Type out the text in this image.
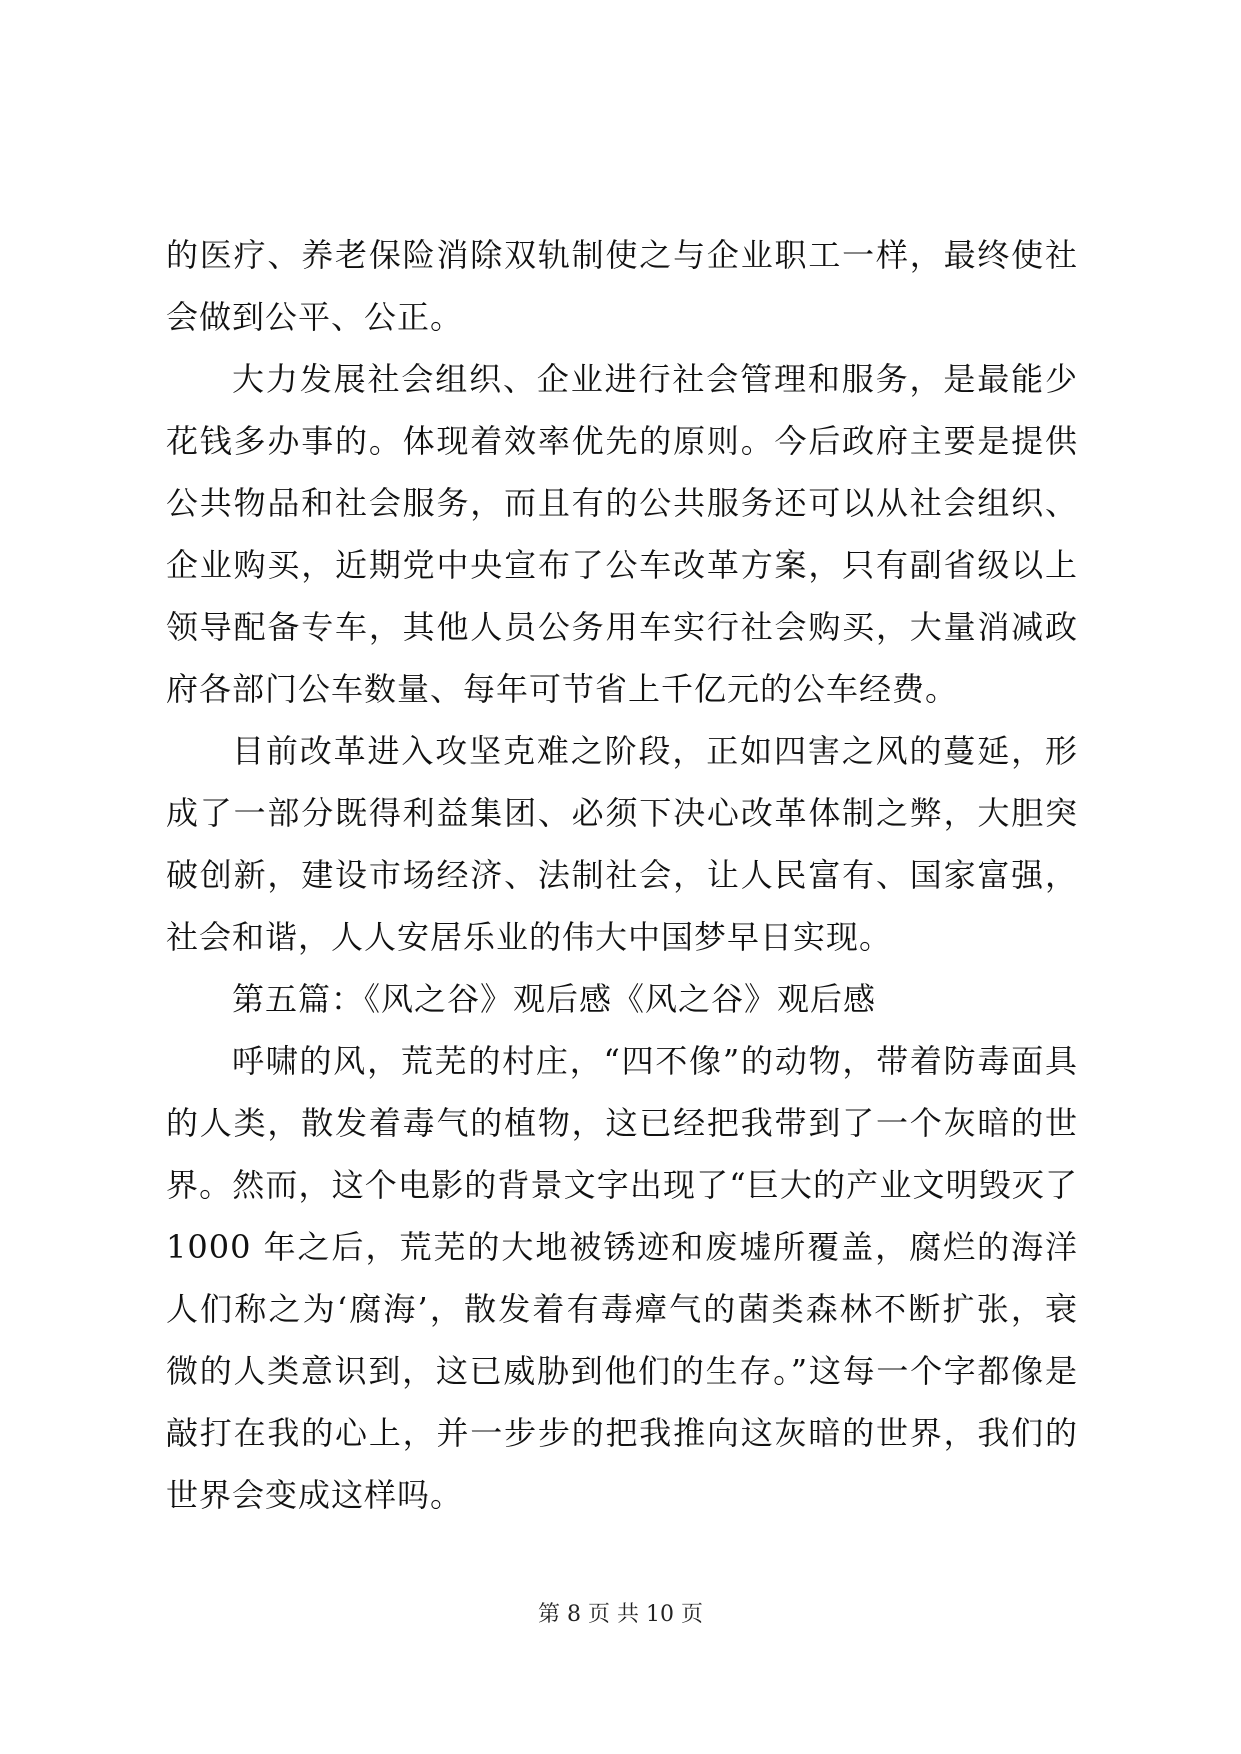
的医疗、养老保险消除双轨制使之与企业职工一样，最终使社会做到公平、公正。

大力发展社会组织、企业进行社会管理和服务，是最能少花钱多办事的。体现着效率优先的原则。今后政府主要是提供公共物品和社会服务，而且有的公共服务还可以从社会组织、企业购买，近期党中央宣布了公车改革方案，只有副省级以上领导配备专车，其他人员公务用车实行社会购买，大量消减政府各部门公车数量、每年可节省上千亿元的公车经费。

目前改革进入攻坚克难之阶段，正如四害之风的蔓延，形成了一部分既得利益集团、必须下决心改革体制之弊，大胆突破创新，建设市场经济、法制社会，让人民富有、国家富强，社会和谐，人人安居乐业的伟大中国梦早日实现。

第五篇：《风之谷》观后感《风之谷》观后感

呼啸的风，荒芜的村庄，“四不像”的动物，带着防毒面具的人类，散发着毒气的植物，这已经把我带到了一个灰暗的世界。然而，这个电影的背景文字出现了“巨大的产业文明毁灭了 1000 年之后，荒芜的大地被锈迹和废墟所覆盖，腐烂的海洋人们称之为‘腐海’，散发着有毒瘴气的菌类森林不断扩张，衰微的人类意识到，这已威胁到他们的生存。”这每一个字都像是敲打在我的心上，并一步步的把我推向这灰暗的世界，我们的世界会变成这样吗。

第 8 页 共 10 页
